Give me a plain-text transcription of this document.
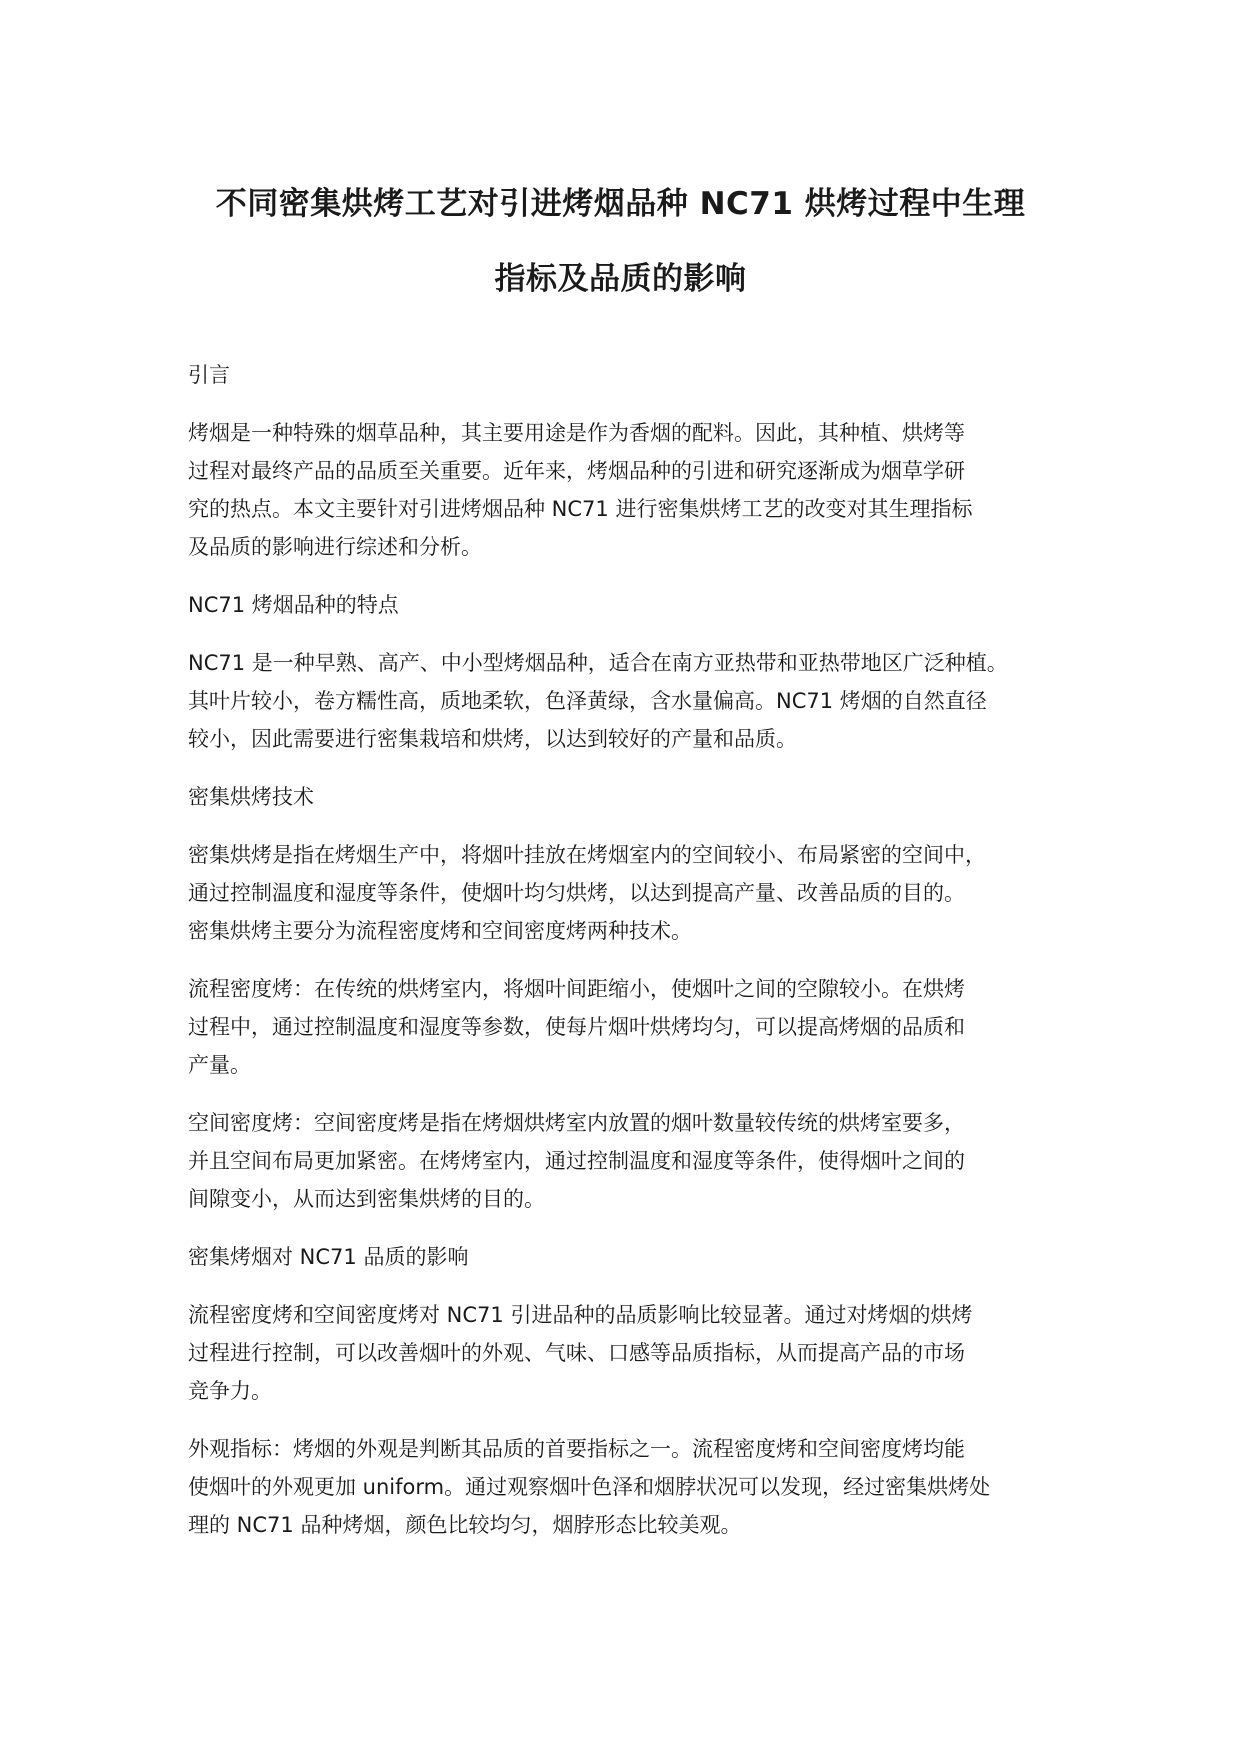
不同密集烘烤工艺对引进烤烟品种 NC71 烘烤过程中生理
指标及品质的影响

引言

烤烟是一种特殊的烟草品种，其主要用途是作为香烟的配料。因此，其种植、烘烤等
过程对最终产品的品质至关重要。近年来，烤烟品种的引进和研究逐渐成为烟草学研
究的热点。本文主要针对引进烤烟品种 NC71 进行密集烘烤工艺的改变对其生理指标
及品质的影响进行综述和分析。

NC71 烤烟品种的特点

NC71 是一种早熟、高产、中小型烤烟品种，适合在南方亚热带和亚热带地区广泛种植。
其叶片较小，卷方糯性高，质地柔软，色泽黄绿，含水量偏高。NC71 烤烟的自然直径
较小，因此需要进行密集栽培和烘烤，以达到较好的产量和品质。

密集烘烤技术

密集烘烤是指在烤烟生产中，将烟叶挂放在烤烟室内的空间较小、布局紧密的空间中，
通过控制温度和湿度等条件，使烟叶均匀烘烤，以达到提高产量、改善品质的目的。
密集烘烤主要分为流程密度烤和空间密度烤两种技术。

流程密度烤：在传统的烘烤室内，将烟叶间距缩小，使烟叶之间的空隙较小。在烘烤
过程中，通过控制温度和湿度等参数，使每片烟叶烘烤均匀，可以提高烤烟的品质和
产量。

空间密度烤：空间密度烤是指在烤烟烘烤室内放置的烟叶数量较传统的烘烤室要多，
并且空间布局更加紧密。在烤烤室内，通过控制温度和湿度等条件，使得烟叶之间的
间隙变小，从而达到密集烘烤的目的。

密集烤烟对 NC71 品质的影响

流程密度烤和空间密度烤对 NC71 引进品种的品质影响比较显著。通过对烤烟的烘烤
过程进行控制，可以改善烟叶的外观、气味、口感等品质指标，从而提高产品的市场
竞争力。

外观指标：烤烟的外观是判断其品质的首要指标之一。流程密度烤和空间密度烤均能
使烟叶的外观更加 uniform。通过观察烟叶色泽和烟脖状况可以发现，经过密集烘烤处
理的 NC71 品种烤烟，颜色比较均匀，烟脖形态比较美观。
